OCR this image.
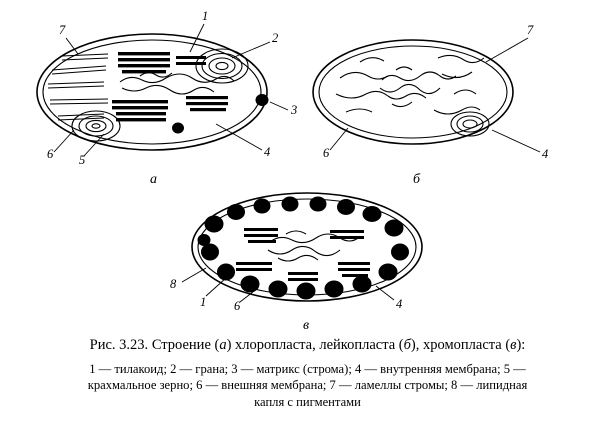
7
1
2
3
4
5
6
7
6	4
8
1 6	4
а	б
в
Рис. 3.23. Строение (а) хлоропласта, лейкопласта (б), хромопласта (в):
1 — тилакоид; 2 — грана; 3 — матрикс (строма); 4 — внутренняя мембрана; 5 —
крахмальное зерно; 6 — внешняя мембрана; 7 — ламеллы стромы; 8 — липидная
капля с пигментами
